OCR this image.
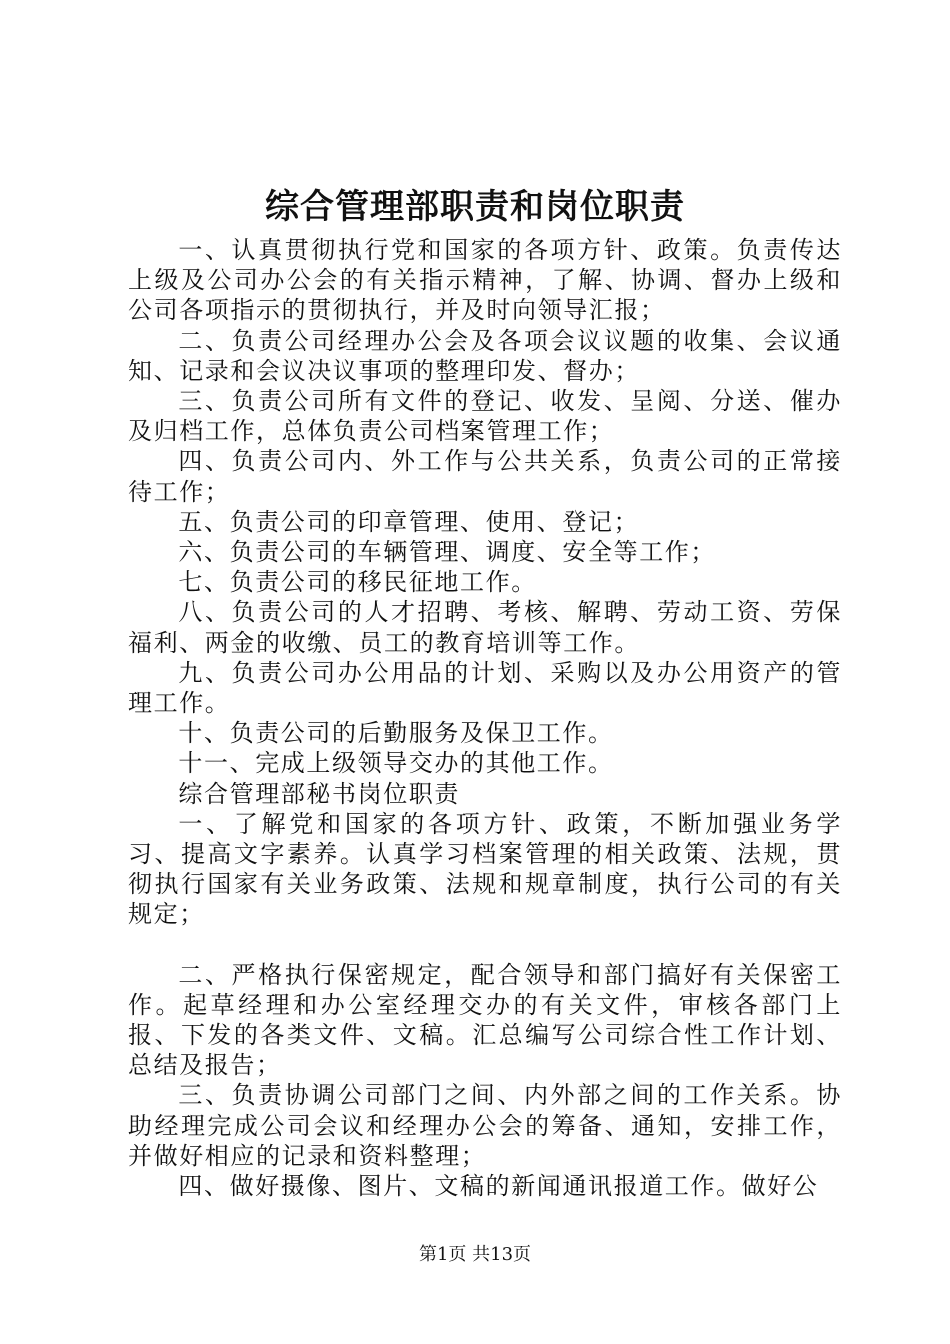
综合管理部职责和岗位职责

一、认真贯彻执行党和国家的各项方针、政策。负责传达上级及公司办公会的有关指示精神，了解、协调、督办上级和公司各项指示的贯彻执行，并及时向领导汇报；

二、负责公司经理办公会及各项会议议题的收集、会议通知、记录和会议决议事项的整理印发、督办；

三、负责公司所有文件的登记、收发、呈阅、分送、催办及归档工作，总体负责公司档案管理工作；

四、负责公司内、外工作与公共关系，负责公司的正常接待工作；

五、负责公司的印章管理、使用、登记；

六、负责公司的车辆管理、调度、安全等工作；

七、负责公司的移民征地工作。

八、负责公司的人才招聘、考核、解聘、劳动工资、劳保福利、两金的收缴、员工的教育培训等工作。

九、负责公司办公用品的计划、采购以及办公用资产的管理工作。

十、负责公司的后勤服务及保卫工作。

十一、完成上级领导交办的其他工作。

综合管理部秘书岗位职责

一、了解党和国家的各项方针、政策，不断加强业务学习、提高文字素养。认真学习档案管理的相关政策、法规，贯彻执行国家有关业务政策、法规和规章制度，执行公司的有关规定；

二、严格执行保密规定，配合领导和部门搞好有关保密工作。起草经理和办公室经理交办的有关文件，审核各部门上报、下发的各类文件、文稿。汇总编写公司综合性工作计划、总结及报告；

三、负责协调公司部门之间、内外部之间的工作关系。协助经理完成公司会议和经理办公会的筹备、通知，安排工作，并做好相应的记录和资料整理；

四、做好摄像、图片、文稿的新闻通讯报道工作。做好公

第1页 共13页
